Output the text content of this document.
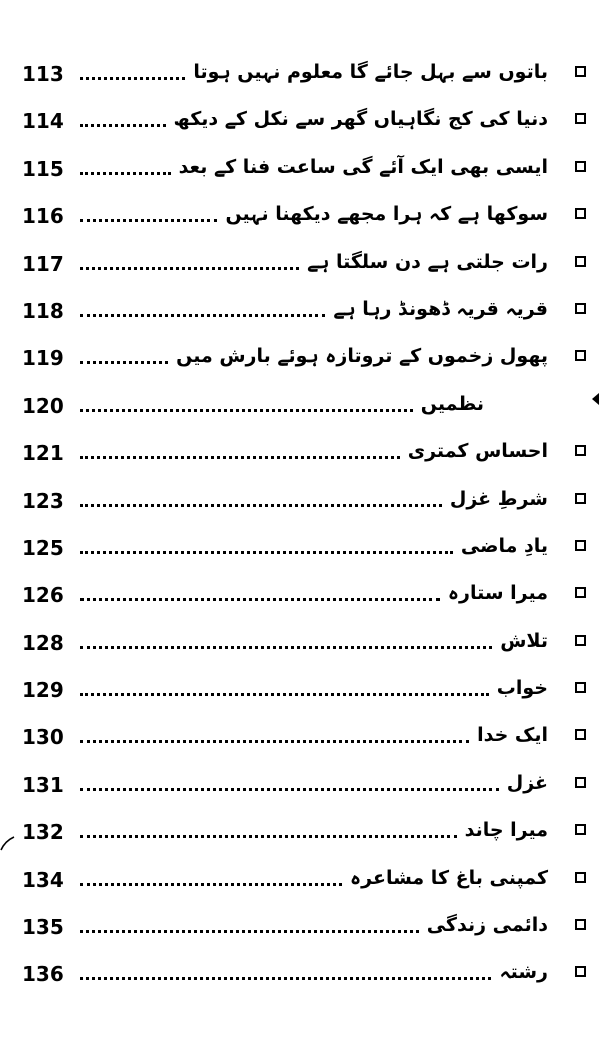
113	باتوں سے بہل جائے گا معلوم نہیں ہوتا
114	دنیا کی کج نگاہیاں گھر سے نکل کے دیکھ
115	ایسی بھی ایک آئے گی ساعت فنا کے بعد
116	سوکھا ہے کہ ہرا مجھے دیکھنا نہیں
117	رات جلتی ہے دن سلگتا ہے
118	قریہ قریہ ڈھونڈ رہا ہے
119	پھول زخموں کے تروتازہ ہوئے بارش میں
120	نظمیں
121	احساس کمتری
123	شرطِ غزل
125	یادِ ماضی
126	میرا ستارہ
128	تلاش
129	خواب
130	ایک خدا
131	غزل
132	میرا چاند
134	کمپنی باغ کا مشاعرہ
135	دائمی زندگی
136	رشتہ
